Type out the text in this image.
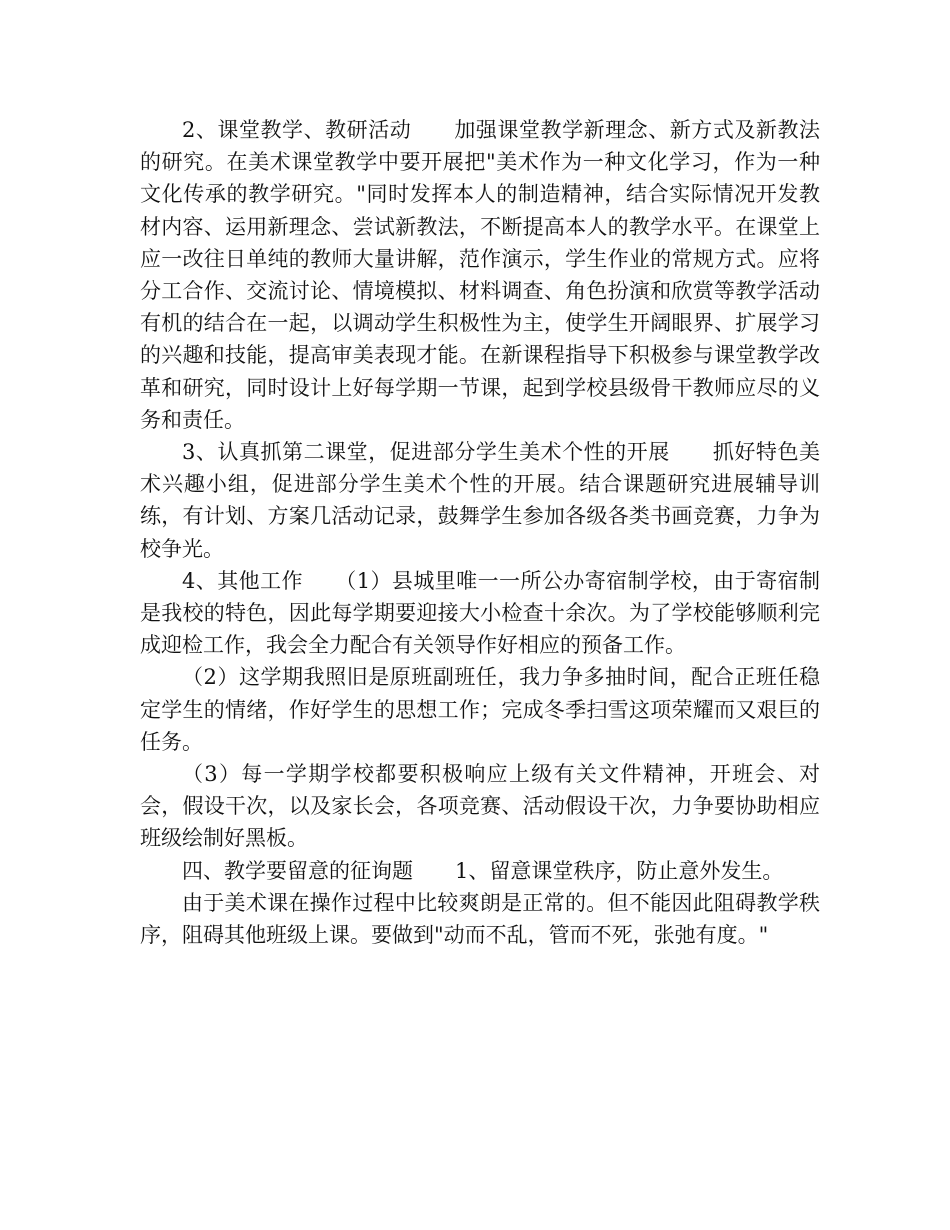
2、课堂教学、教研活动　　加强课堂教学新理念、新方式及新教法的研究。在美术课堂教学中要开展把"美术作为一种文化学习，作为一种文化传承的教学研究。"同时发挥本人的制造精神，结合实际情况开发教材内容、运用新理念、尝试新教法，不断提高本人的教学水平。在课堂上应一改往日单纯的教师大量讲解，范作演示，学生作业的常规方式。应将分工合作、交流讨论、情境模拟、材料调查、角色扮演和欣赏等教学活动有机的结合在一起，以调动学生积极性为主，使学生开阔眼界、扩展学习的兴趣和技能，提高审美表现才能。在新课程指导下积极参与课堂教学改革和研究，同时设计上好每学期一节课，起到学校县级骨干教师应尽的义务和责任。

3、认真抓第二课堂，促进部分学生美术个性的开展　　抓好特色美术兴趣小组，促进部分学生美术个性的开展。结合课题研究进展辅导训练，有计划、方案几活动记录，鼓舞学生参加各级各类书画竞赛，力争为校争光。

4、其他工作　　（1）县城里唯一一所公办寄宿制学校，由于寄宿制是我校的特色，因此每学期要迎接大小检查十余次。为了学校能够顺利完成迎检工作，我会全力配合有关领导作好相应的预备工作。

（2）这学期我照旧是原班副班任，我力争多抽时间，配合正班任稳定学生的情绪，作好学生的思想工作；完成冬季扫雪这项荣耀而又艰巨的任务。

（3）每一学期学校都要积极响应上级有关文件精神，开班会、对会，假设干次，以及家长会，各项竞赛、活动假设干次，力争要协助相应班级绘制好黑板。

四、教学要留意的征询题　　1、留意课堂秩序，防止意外发生。

由于美术课在操作过程中比较爽朗是正常的。但不能因此阻碍教学秩序，阻碍其他班级上课。要做到"动而不乱，管而不死，张弛有度。"
